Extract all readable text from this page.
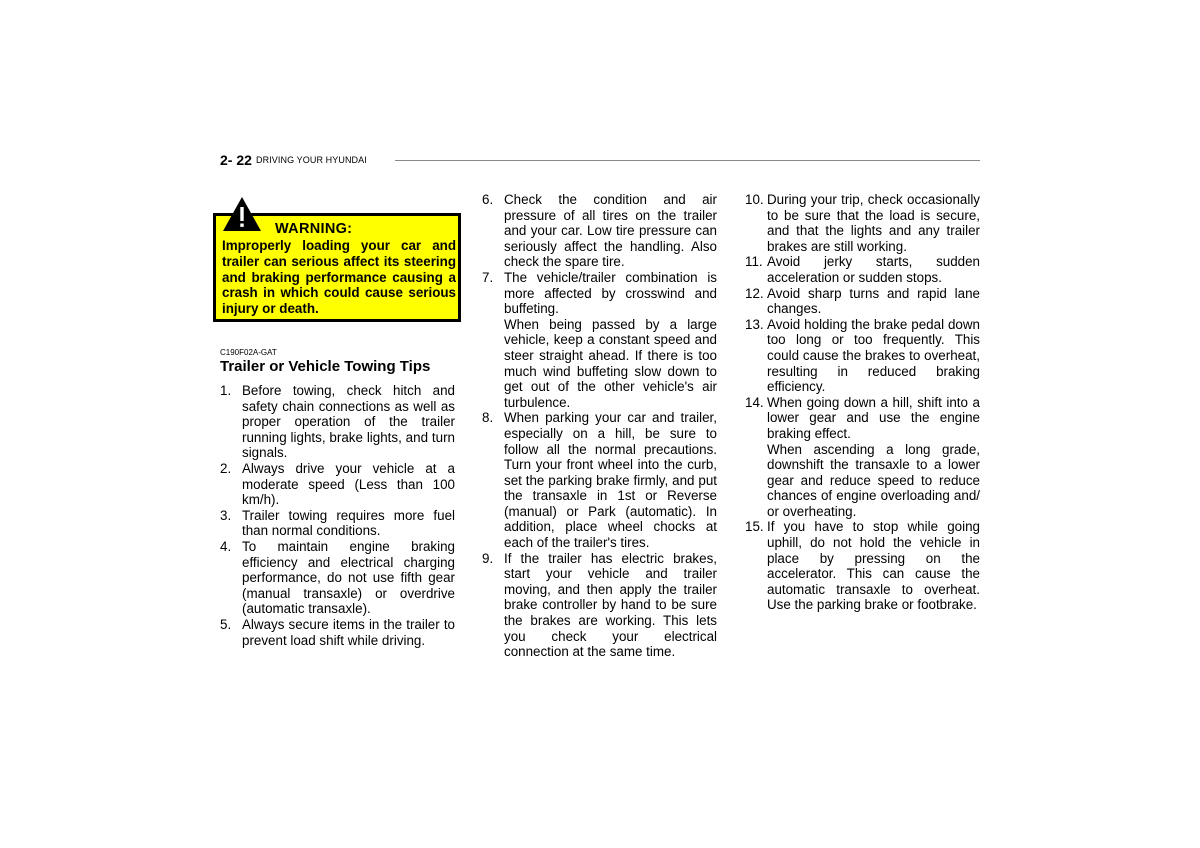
2- 22 DRIVING YOUR HYUNDAI
WARNING:
Improperly loading your car and trailer can serious affect its steering and braking performance causing a crash in which could cause serious injury or death.
C190F02A-GAT
Trailer or Vehicle Towing Tips
1. Before towing, check hitch and safety chain connections as well as proper operation of the trailer running lights, brake lights, and turn signals.
2. Always drive your vehicle at a moderate speed (Less than 100 km/h).
3. Trailer towing requires more fuel than normal conditions.
4. To maintain engine braking efficiency and electrical charging performance, do not use fifth gear (manual transaxle) or overdrive (automatic transaxle).
5. Always secure items in the trailer to prevent load shift while driving.
6. Check the condition and air pressure of all tires on the trailer and your car. Low tire pressure can seriously affect the handling. Also check the spare tire.
7. The vehicle/trailer combination is more affected by crosswind and buffeting.
When being passed by a large vehicle, keep a constant speed and steer straight ahead. If there is too much wind buffeting slow down to get out of the other vehicle's air turbulence.
8. When parking your car and trailer, especially on a hill, be sure to follow all the normal precautions. Turn your front wheel into the curb, set the parking brake firmly, and put the transaxle in 1st or Reverse (manual) or Park (automatic). In addition, place wheel chocks at each of the trailer's tires.
9. If the trailer has electric brakes, start your vehicle and trailer moving, and then apply the trailer brake controller by hand to be sure the brakes are working. This lets you check your electrical connection at the same time.
10. During your trip, check occasionally to be sure that the load is secure, and that the lights and any trailer brakes are still working.
11. Avoid jerky starts, sudden acceleration or sudden stops.
12. Avoid sharp turns and rapid lane changes.
13. Avoid holding the brake pedal down too long or too frequently. This could cause the brakes to overheat, resulting in reduced braking efficiency.
14. When going down a hill, shift into a lower gear and use the engine braking effect.
When ascending a long grade, downshift the transaxle to a lower gear and reduce speed to reduce chances of engine overloading and/ or overheating.
15. If you have to stop while going uphill, do not hold the vehicle in place by pressing on the accelerator. This can cause the automatic transaxle to overheat. Use the parking brake or footbrake.
